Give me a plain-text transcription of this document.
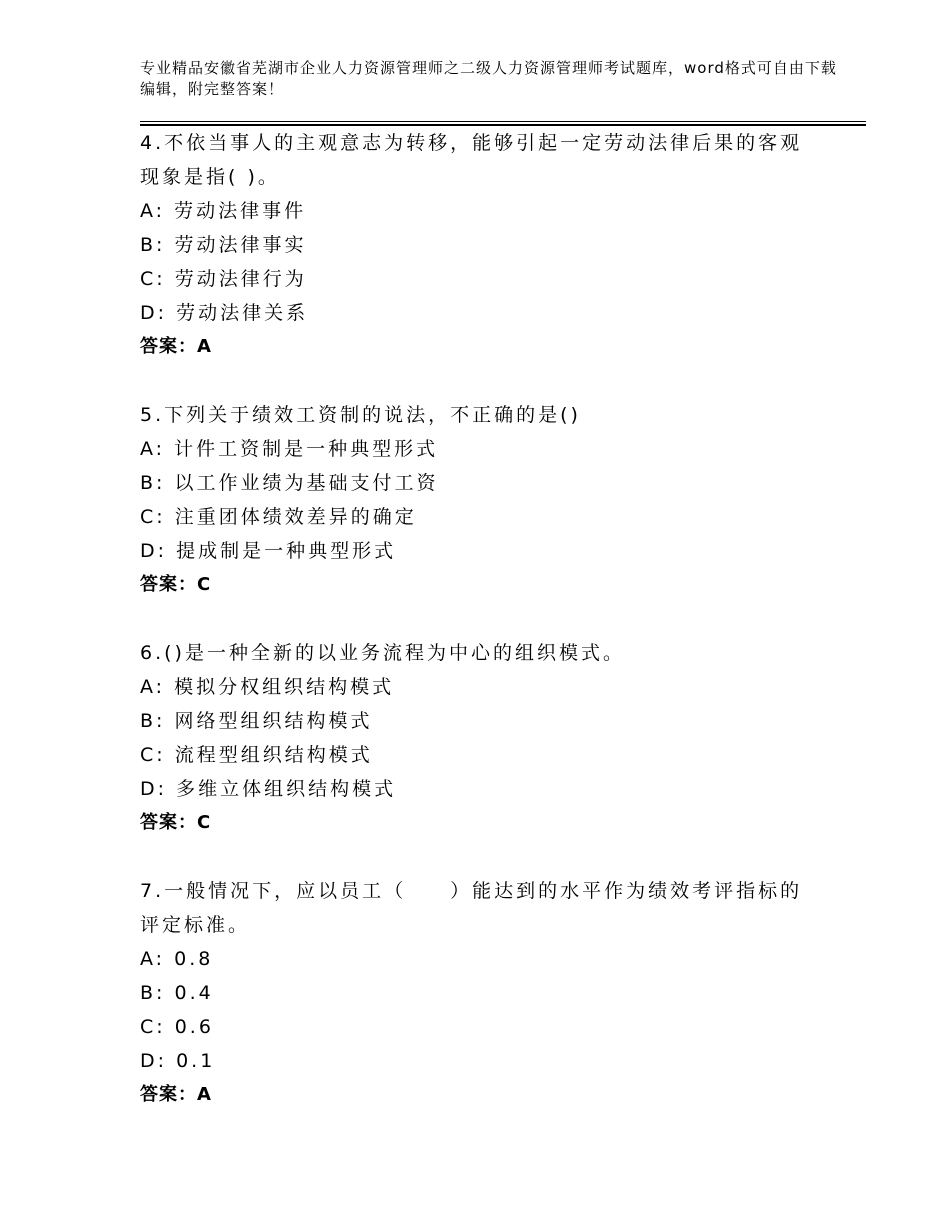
专业精品安徽省芜湖市企业人力资源管理师之二级人力资源管理师考试题库，word格式可自由下载编辑，附完整答案！
4.不依当事人的主观意志为转移，能够引起一定劳动法律后果的客观现象是指( )。
A: 劳动法律事件
B: 劳动法律事实
C: 劳动法律行为
D: 劳动法律关系
答案：A
5.下列关于绩效工资制的说法，不正确的是()
A: 计件工资制是一种典型形式
B: 以工作业绩为基础支付工资
C: 注重团体绩效差异的确定
D: 提成制是一种典型形式
答案：C
6.()是一种全新的以业务流程为中心的组织模式。
A: 模拟分权组织结构模式
B: 网络型组织结构模式
C: 流程型组织结构模式
D: 多维立体组织结构模式
答案：C
7.一般情况下，应以员工（　　）能达到的水平作为绩效考评指标的评定标准。
A: 0.8
B: 0.4
C: 0.6
D: 0.1
答案：A
